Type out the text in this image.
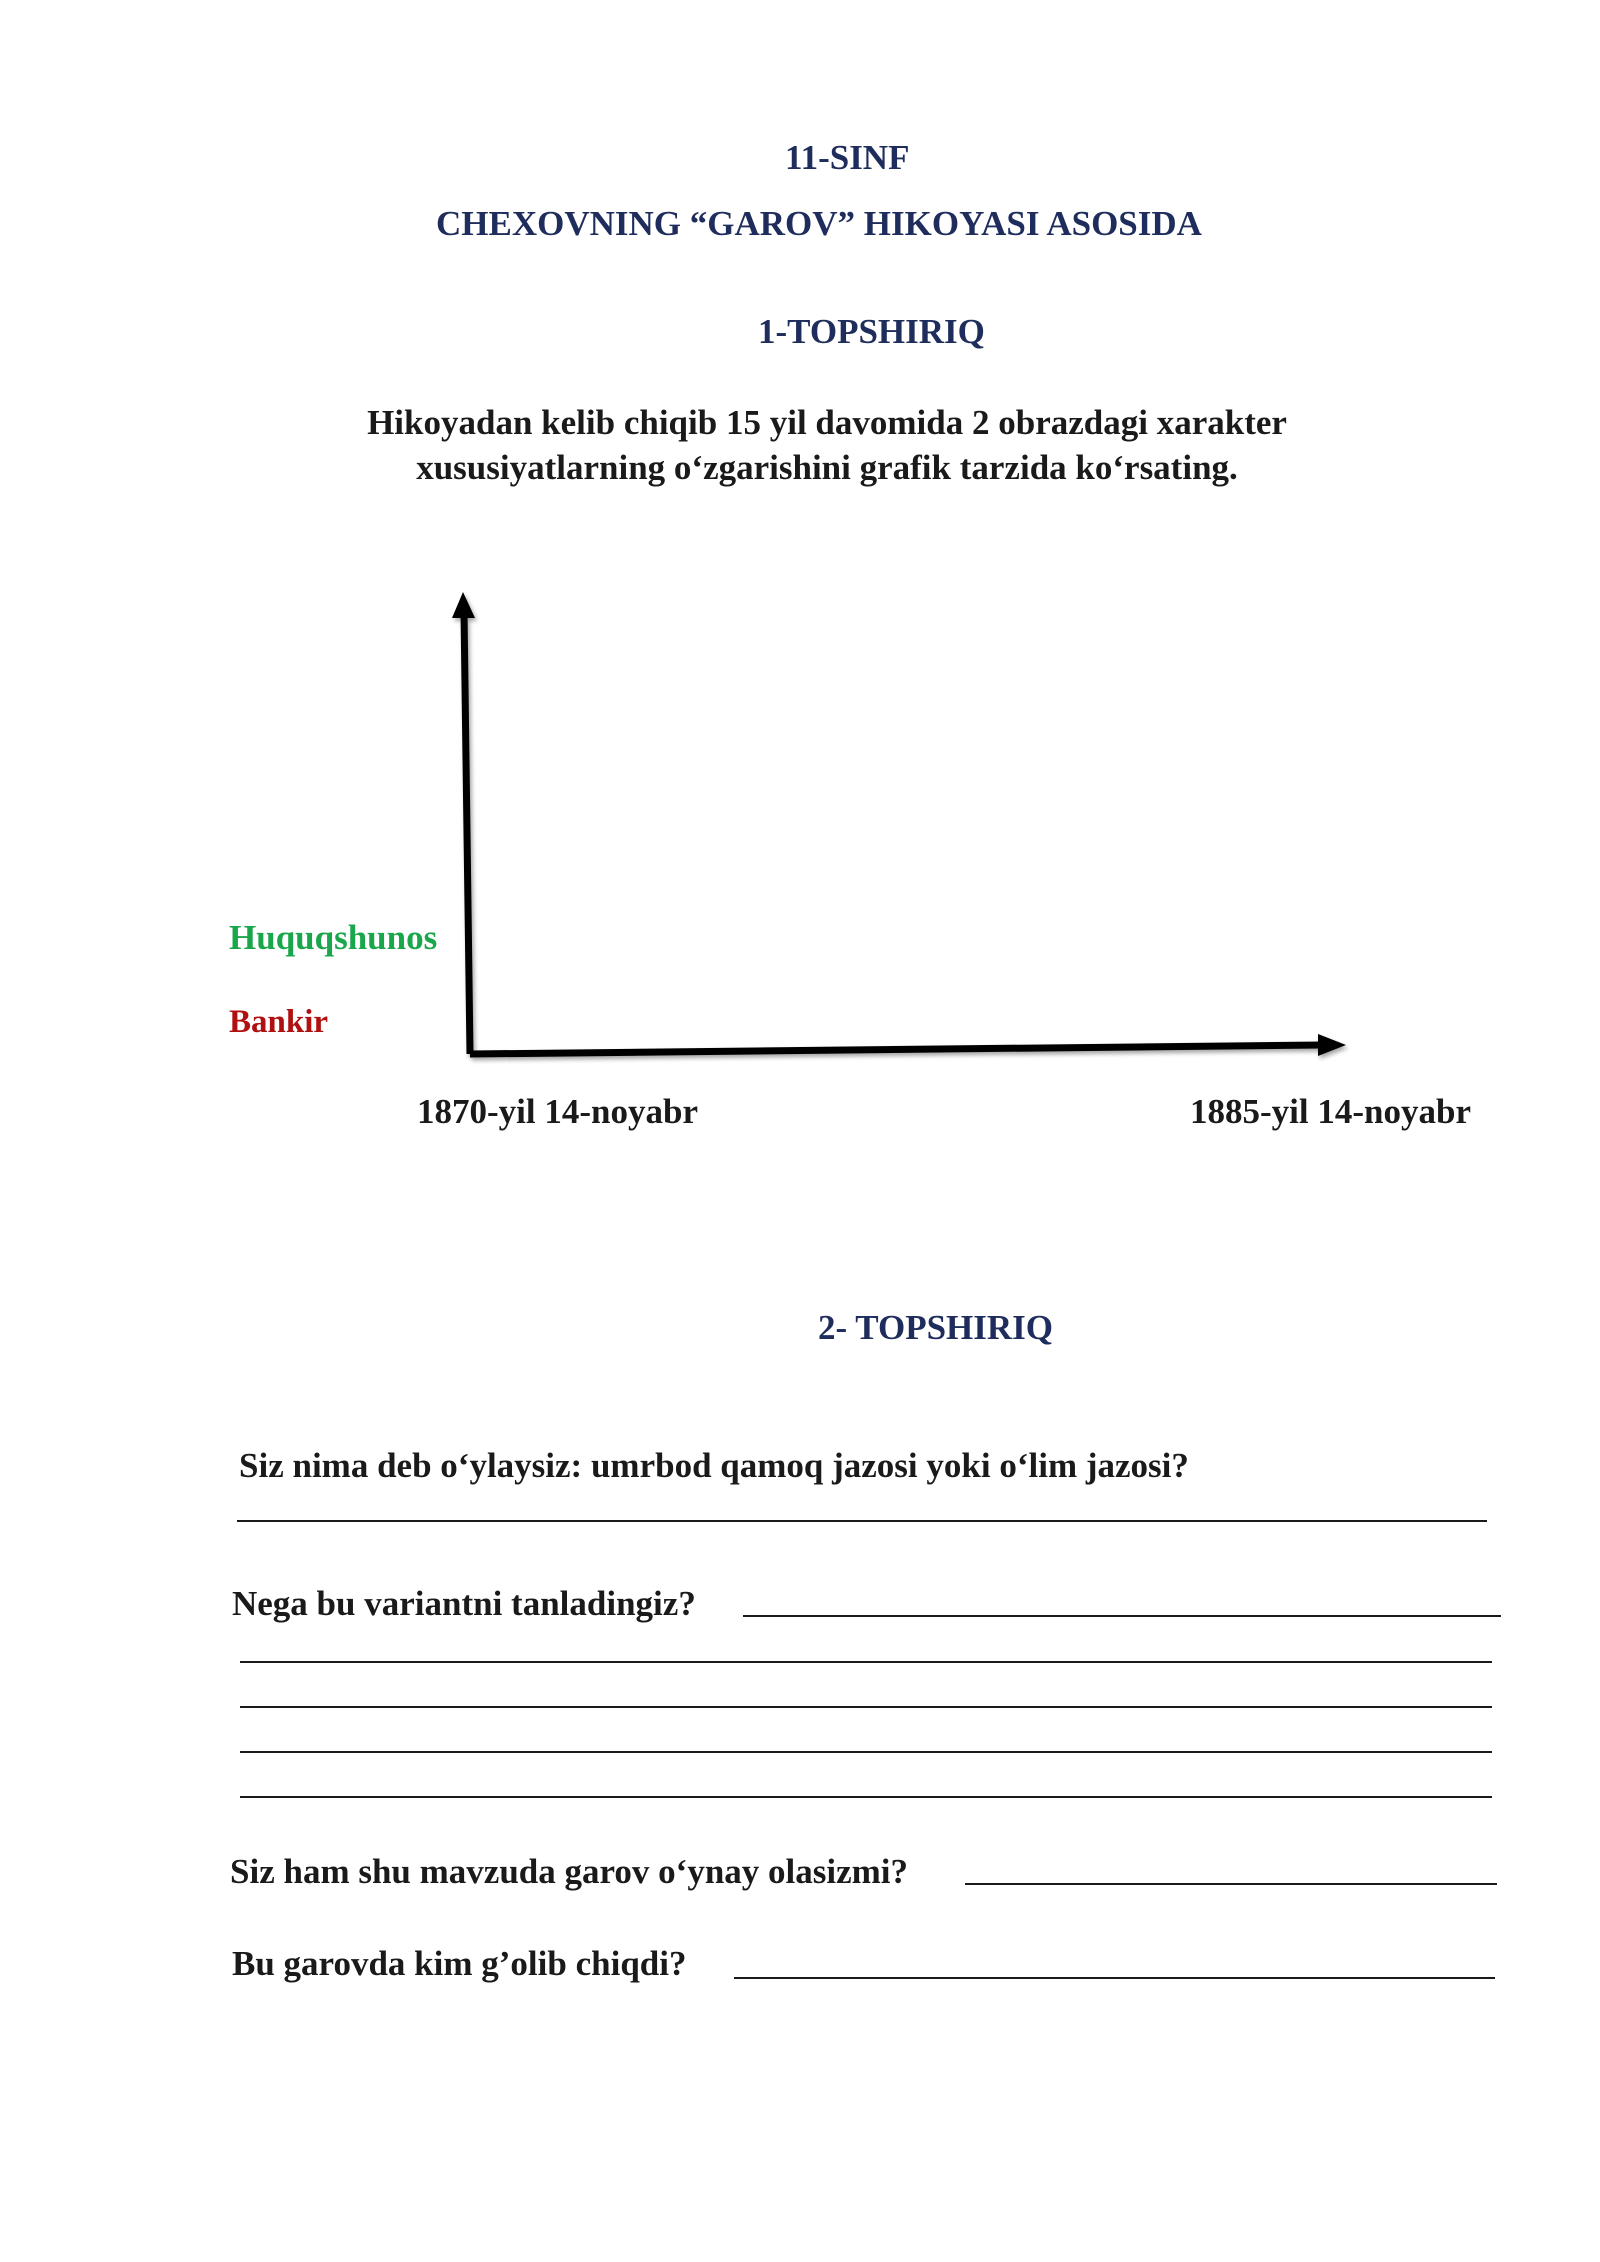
11-SINF
CHEXOVNING “GAROV” HIKOYASI ASOSIDA
1-TOPSHIRIQ
Hikoyadan kelib chiqib 15 yil davomida 2 obrazdagi xarakter
xususiyatlarning o‘zgarishini grafik tarzida ko‘rsating.
Huquqshunos
Bankir
1870-yil 14-noyabr	1885-yil 14-noyabr
2- TOPSHIRIQ
Siz nima deb o‘ylaysiz: umrbod qamoq jazosi yoki o‘lim jazosi?
Nega bu variantni tanladingiz?
Siz ham shu mavzuda garov o‘ynay olasizmi?
Bu garovda kim g’olib chiqdi?
